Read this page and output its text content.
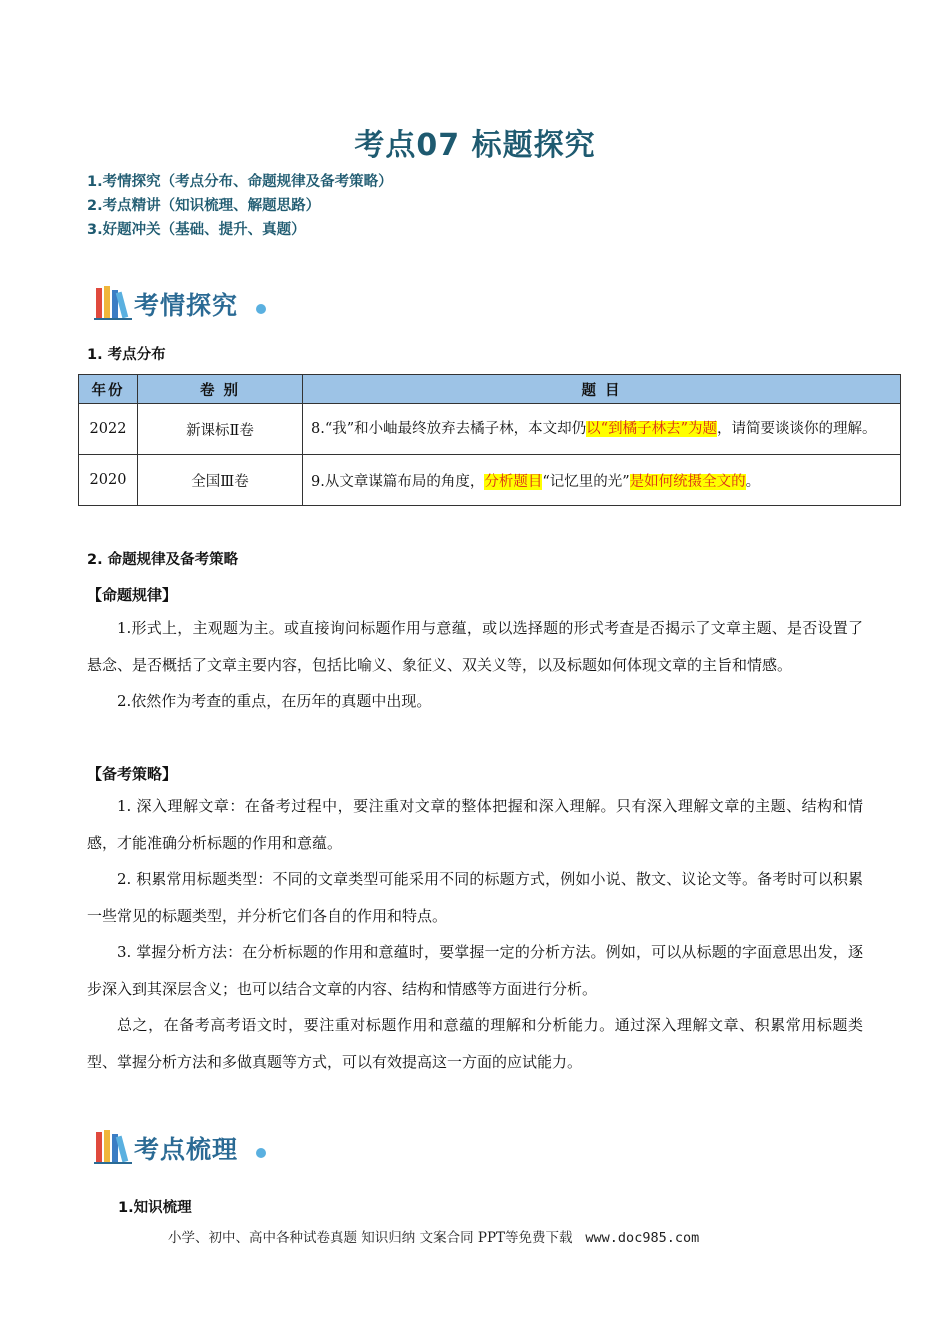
考点07 标题探究
1.考情探究（考点分布、命题规律及备考策略）
2.考点精讲（知识梳理、解题思路）
3.好题冲关（基础、提升、真题）
考情探究
1. 考点分布
年份	卷 别	题 目
2022	新课标Ⅱ卷	8.“我”和小岫最终放弃去橘子林，本文却仍以“到橘子林去”为题，请简要谈谈你的理解。
2020	全国Ⅲ卷	9.从文章谋篇布局的角度，分析题目“记忆里的光”是如何统摄全文的。
2. 命题规律及备考策略
【命题规律】

1.形式上，主观题为主。或直接询问标题作用与意蕴，或以选择题的形式考查是否揭示了文章主题、是否设置了悬念、是否概括了文章主要内容，包括比喻义、象征义、双关义等，以及标题如何体现文章的主旨和情感。

2.依然作为考查的重点，在历年的真题中出现。

【备考策略】

1. 深入理解文章：在备考过程中，要注重对文章的整体把握和深入理解。只有深入理解文章的主题、结构和情感，才能准确分析标题的作用和意蕴。

2. 积累常用标题类型：不同的文章类型可能采用不同的标题方式，例如小说、散文、议论文等。备考时可以积累一些常见的标题类型，并分析它们各自的作用和特点。

3. 掌握分析方法：在分析标题的作用和意蕴时，要掌握一定的分析方法。例如，可以从标题的字面意思出发，逐步深入到其深层含义；也可以结合文章的内容、结构和情感等方面进行分析。

总之，在备考高考语文时，要注重对标题作用和意蕴的理解和分析能力。通过深入理解文章、积累常用标题类型、掌握分析方法和多做真题等方式，可以有效提高这一方面的应试能力。

考点梳理
1.知识梳理
小学、初中、高中各种试卷真题 知识归纳 文案合同 PPT等免费下载 www.doc985.com
